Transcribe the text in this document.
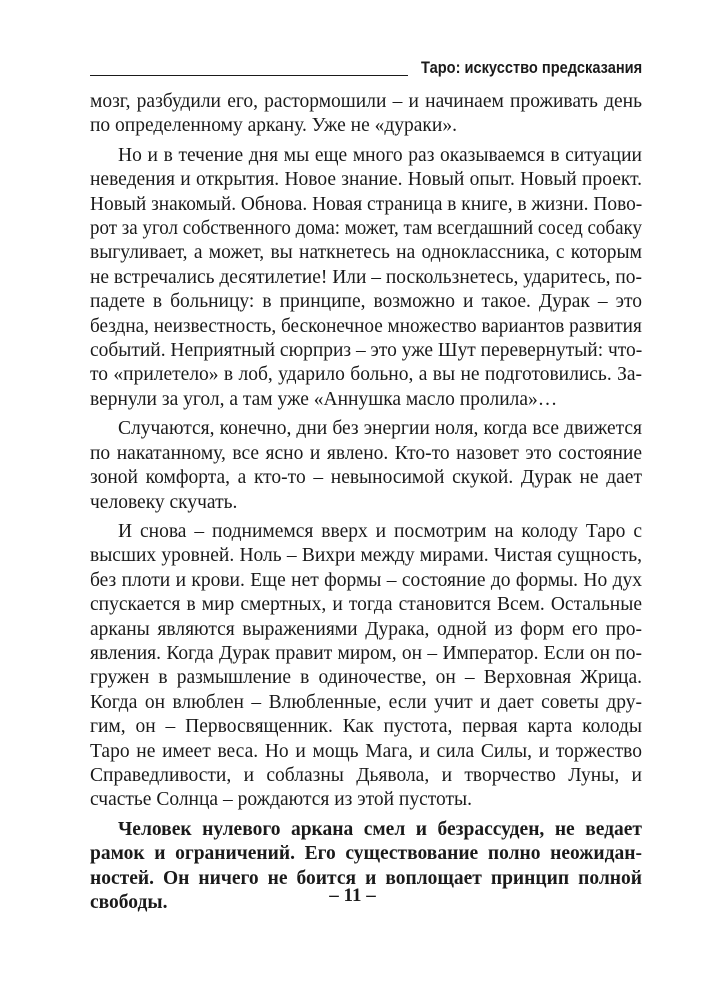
Таро: искусство предсказания
мозг, разбудили его, растормошили – и начинаем проживать день
по определенному аркану. Уже не «дураки».
Но и в течение дня мы еще много раз оказываемся в ситуации
неведения и открытия. Новое знание. Новый опыт. Новый проект.
Новый знакомый. Обнова. Новая страница в книге, в жизни. Пово-
рот за угол собственного дома: может, там всегдашний сосед собаку
выгуливает, а может, вы наткнетесь на одноклассника, с которым
не встречались десятилетие! Или – поскользнетесь, ударитесь, по-
падете в больницу: в принципе, возможно и такое. Дурак – это
бездна, неизвестность, бесконечное множество вариантов развития
событий. Неприятный сюрприз – это уже Шут перевернутый: что-
то «прилетело» в лоб, ударило больно, а вы не подготовились. За-
вернули за угол, а там уже «Аннушка масло пролила»…
Случаются, конечно, дни без энергии ноля, когда все движется
по накатанному, все ясно и явлено. Кто-то назовет это состояние
зоной комфорта, а кто-то – невыносимой скукой. Дурак не дает
человеку скучать.
И снова – поднимемся вверх и посмотрим на колоду Таро с
высших уровней. Ноль – Вихри между мирами. Чистая сущность,
без плоти и крови. Еще нет формы – состояние до формы. Но дух
спускается в мир смертных, и тогда становится Всем. Остальные
арканы являются выражениями Дурака, одной из форм его про-
явления. Когда Дурак правит миром, он – Император. Если он по-
гружен в размышление в одиночестве, он – Верховная Жрица.
Когда он влюблен – Влюбленные, если учит и дает советы дру-
гим, он – Первосвященник. Как пустота, первая карта колоды
Таро не имеет веса. Но и мощь Мага, и сила Силы, и торжество
Справедливости, и соблазны Дьявола, и творчество Луны, и
счастье Солнца – рождаются из этой пустоты.
Человек нулевого аркана смел и безрассуден, не ведает
рамок и ограничений. Его существование полно неожидан-
ностей. Он ничего не боится и воплощает принцип полной
свободы.	– 11 –
